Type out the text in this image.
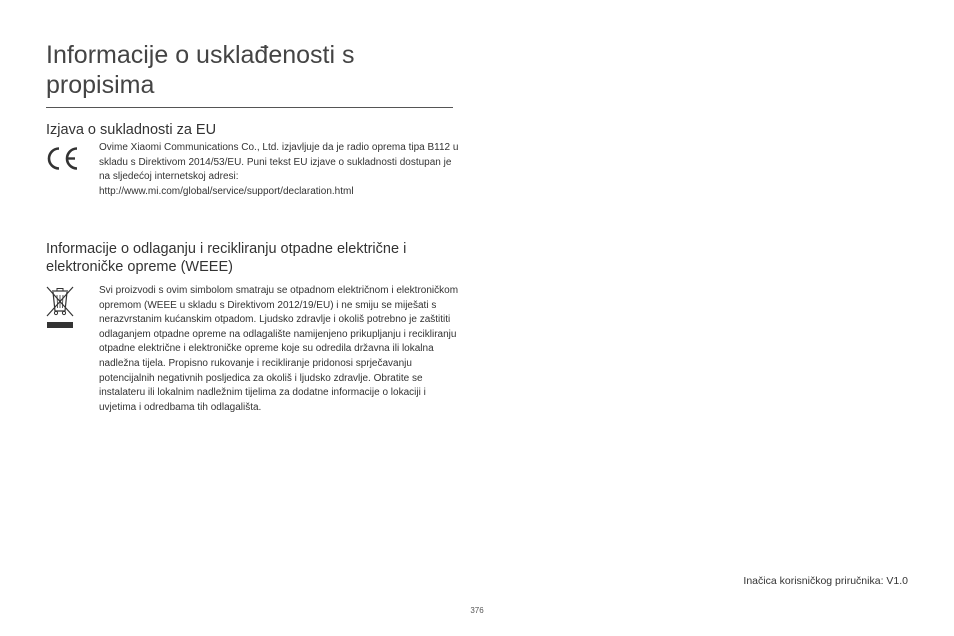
Informacije o usklađenosti s propisima
Izjava o sukladnosti za EU

Ovime Xiaomi Communications Co., Ltd. izjavljuje da je radio oprema tipa B112 u skladu s Direktivom 2014/53/EU. Puni tekst EU izjave o sukladnosti dostupan je na sljedećoj internetskoj adresi: http://www.mi.com/global/service/support/declaration.html

Informacije o odlaganju i recikliranju otpadne električne i elektroničke opreme (WEEE)

Svi proizvodi s ovim simbolom smatraju se otpadnom električnom i elektroničkom opremom (WEEE u skladu s Direktivom 2012/19/EU) i ne smiju se miješati s nerazvrstanim kućanskim otpadom. Ljudsko zdravlje i okoliš potrebno je zaštititi odlaganjem otpadne opreme na odlagalište namijenjeno prikupljanju i recikliranju otpadne električne i elektroničke opreme koje su odredila državna ili lokalna nadležna tijela. Propisno rukovanje i recikliranje pridonosi sprječavanju potencijalnih negativnih posljedica za okoliš i ljudsko zdravlje. Obratite se instalateru ili lokalnim nadležnim tijelima za dodatne informacije o lokaciji i uvjetima i odredbama tih odlagališta.

Inačica korisničkog priručnika: V1.0
376
